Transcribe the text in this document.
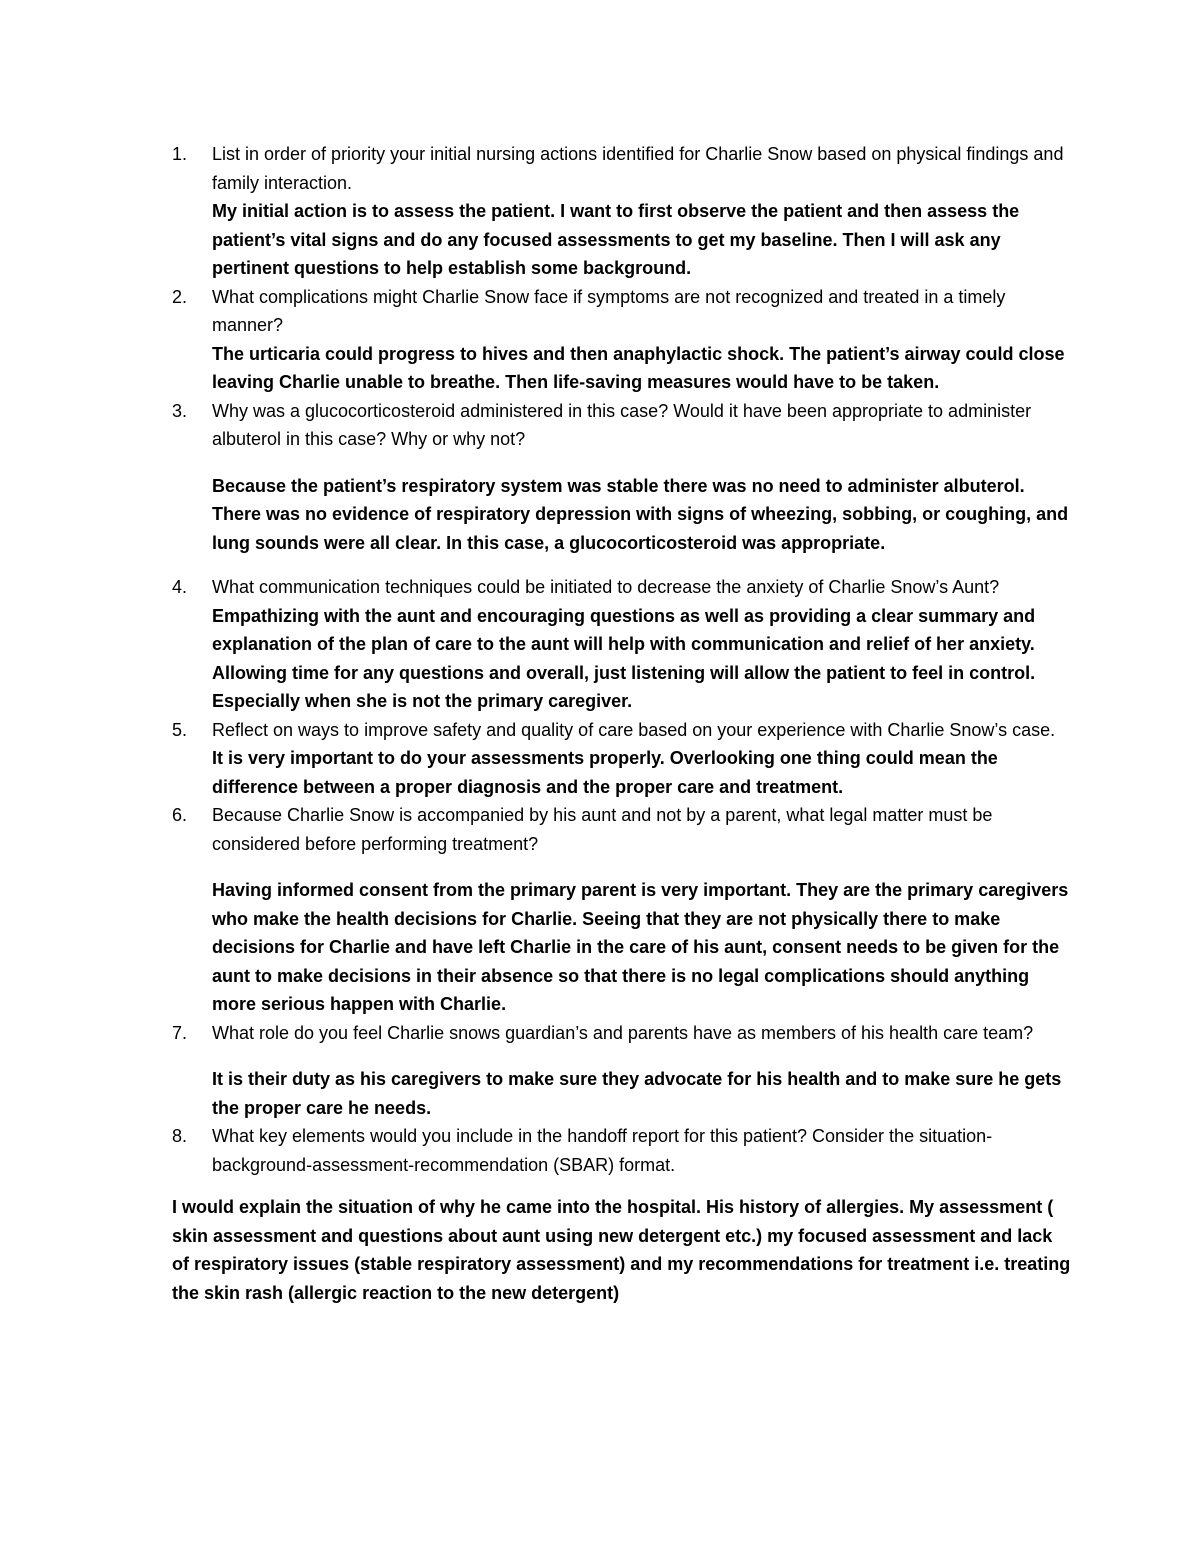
1.	List in order of priority your initial nursing actions identified for Charlie Snow based on physical findings and family interaction.
My initial action is to assess the patient. I want to first observe the patient and then assess the patient’s vital signs and do any focused assessments to get my baseline. Then I will ask any pertinent questions to help establish some background.
2.	What complications might Charlie Snow face if symptoms are not recognized and treated in a timely manner?
The urticaria could progress to hives and then anaphylactic shock. The patient’s airway could close leaving Charlie unable to breathe. Then life-saving measures would have to be taken.
3.	Why was a glucocorticosteroid administered in this case? Would it have been appropriate to administer albuterol in this case? Why or why not?
Because the patient’s respiratory system was stable there was no need to administer albuterol. There was no evidence of respiratory depression with signs of wheezing, sobbing, or coughing, and lung sounds were all clear. In this case, a glucocorticosteroid was appropriate.
4.	What communication techniques could be initiated to decrease the anxiety of Charlie Snow’s Aunt?
Empathizing with the aunt and encouraging questions as well as providing a clear summary and explanation of the plan of care to the aunt will help with communication and relief of her anxiety. Allowing time for any questions and overall, just listening will allow the patient to feel in control. Especially when she is not the primary caregiver.
5.	Reflect on ways to improve safety and quality of care based on your experience with Charlie Snow’s case.
It is very important to do your assessments properly. Overlooking one thing could mean the difference between a proper diagnosis and the proper care and treatment.
6.	Because Charlie Snow is accompanied by his aunt and not by a parent, what legal matter must be considered before performing treatment?
Having informed consent from the primary parent is very important. They are the primary caregivers who make the health decisions for Charlie. Seeing that they are not physically there to make decisions for Charlie and have left Charlie in the care of his aunt, consent needs to be given for the aunt to make decisions in their absence so that there is no legal complications should anything more serious happen with Charlie.
7.	What role do you feel Charlie snows guardian’s and parents have as members of his health care team?
It is their duty as his caregivers to make sure they advocate for his health and to make sure he gets the proper care he needs.
8.	What key elements would you include in the handoff report for this patient? Consider the situation-background-assessment-recommendation (SBAR) format.
I would explain the situation of why he came into the hospital. His history of allergies. My assessment ( skin assessment and questions about aunt using new detergent etc.) my focused assessment and lack of respiratory issues (stable respiratory assessment) and my recommendations for treatment i.e. treating the skin rash (allergic reaction to the new detergent)
